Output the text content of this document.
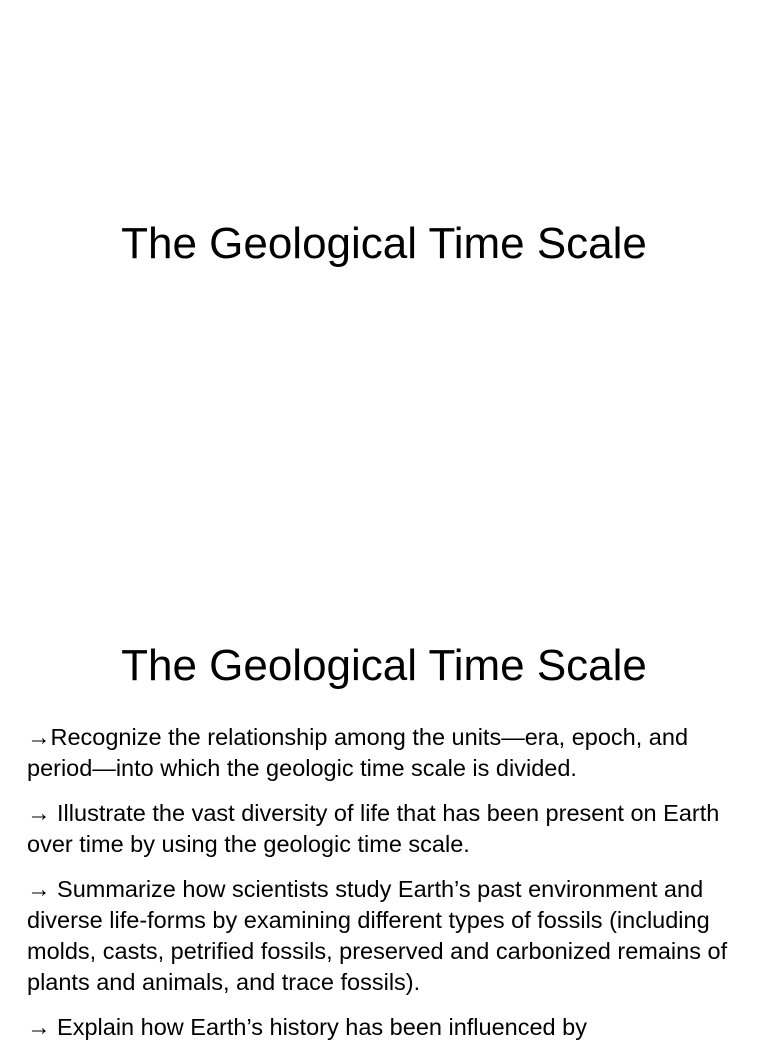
The Geological Time Scale
The Geological Time Scale
→Recognize the relationship among the units—era, epoch, and period—into which the geologic time scale is divided.
→ Illustrate the vast diversity of life that has been present on Earth over time by using the geologic time scale.
→ Summarize how scientists study Earth’s past environment and diverse life-forms by examining different types of fossils (including molds, casts, petrified fossils, preserved and carbonized remains of plants and animals, and trace fossils).
→ Explain how Earth’s history has been influenced by
